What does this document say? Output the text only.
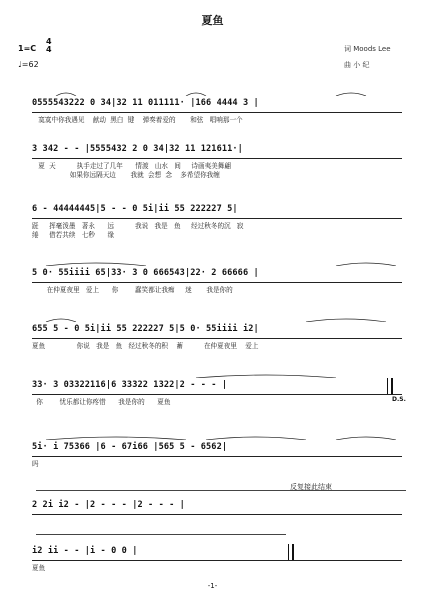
夏鱼
1=C
4
4
♩=62
词 Moods Lee
曲 小 纪
0555543222 0 34|32 11 011111· |166 4444 3 |
寞寞中你我遇见    献动  黑白  键    弹奏着爱的       和弦   唱响那一个
3 342 - - |5555432 2 0 34|32 11 121611·|
夏  天          执手走过了几年      情渡   山水   间     诗画夷美舞翩
如果你远隔天边       我就  会想  念    多希望你我缠
6 - 44444445|5 - - 0 5i|ii 55 222227 5|
跹     挥毫泼墨   著永      远          我说   我是   鱼     经过秋冬的沉   寂
绻     借若共续   七秒      缘
5 0· 55iiii 65|33· 3 0 666543|22· 2 66666 |
在仲夏夜里   爱上      你        蠢笑都让我痴     迷       我是你的
655 5 - 0 5i|ii 55 222227 5|5 0· 55iiii i2|
夏鱼               你说   我是   鱼   经过秋冬的积    蓄          在仲夏夜里    爱上
33· 3 03322116|6 33322 1322|2 - - - |
D.S.
你        忧乐都让你疼惜      我是你的      夏鱼
5i· i 75366 |6 - 67i66 |565 5 - 6562|
吗
反复接此结束
2 2i i2 - |2 - - - |2 - - - |
i2 ii - - |i - 0 0 |
夏鱼
-1-
